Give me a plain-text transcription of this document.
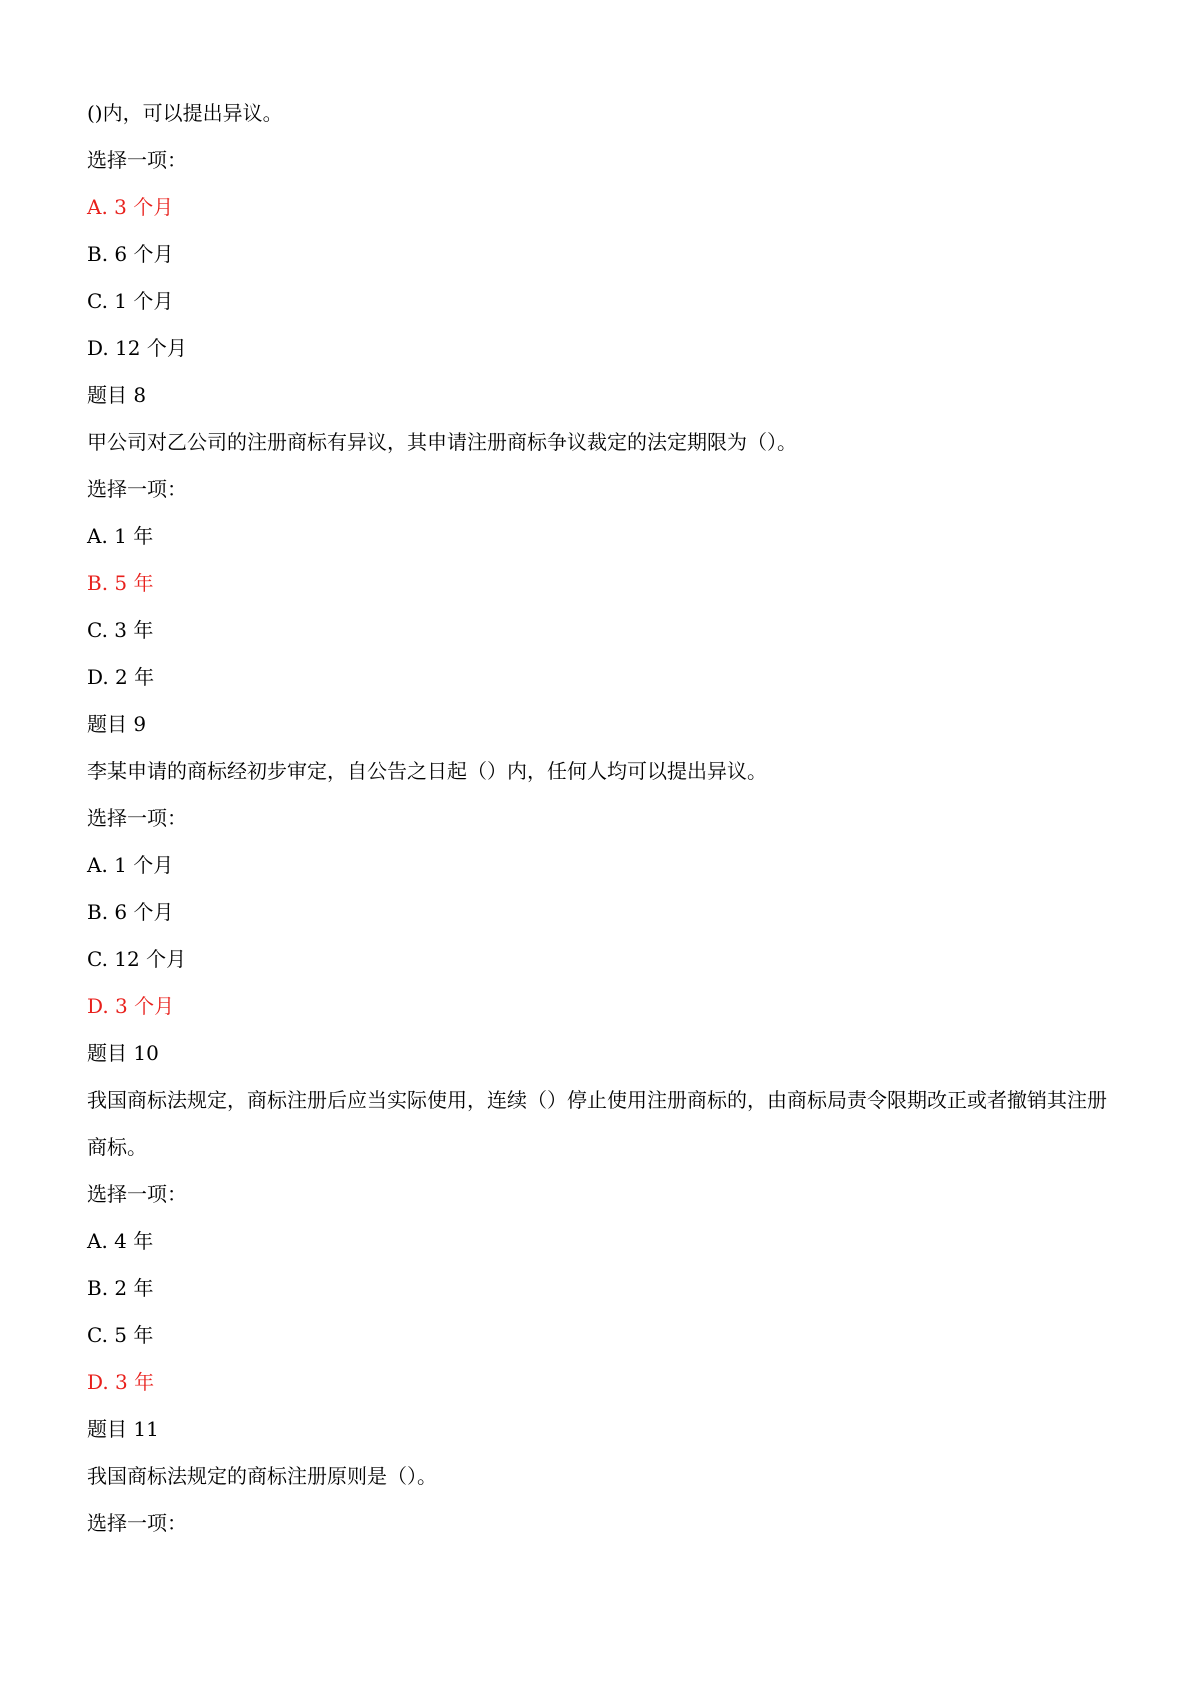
()内，可以提出异议。
选择一项：
A. 3 个月
B. 6 个月
C. 1 个月
D. 12 个月
题目 8
甲公司对乙公司的注册商标有异议，其申请注册商标争议裁定的法定期限为（）。
选择一项：
A. 1 年
B. 5 年
C. 3 年
D. 2 年
题目 9
李某申请的商标经初步审定，自公告之日起（）内，任何人均可以提出异议。
选择一项：
A. 1 个月
B. 6 个月
C. 12 个月
D. 3 个月
题目 10
我国商标法规定，商标注册后应当实际使用，连续（）停止使用注册商标的，由商标局责令限期改正或者撤销其注册商标。
选择一项：
A. 4 年
B. 2 年
C. 5 年
D. 3 年
题目 11
我国商标法规定的商标注册原则是（）。
选择一项：
